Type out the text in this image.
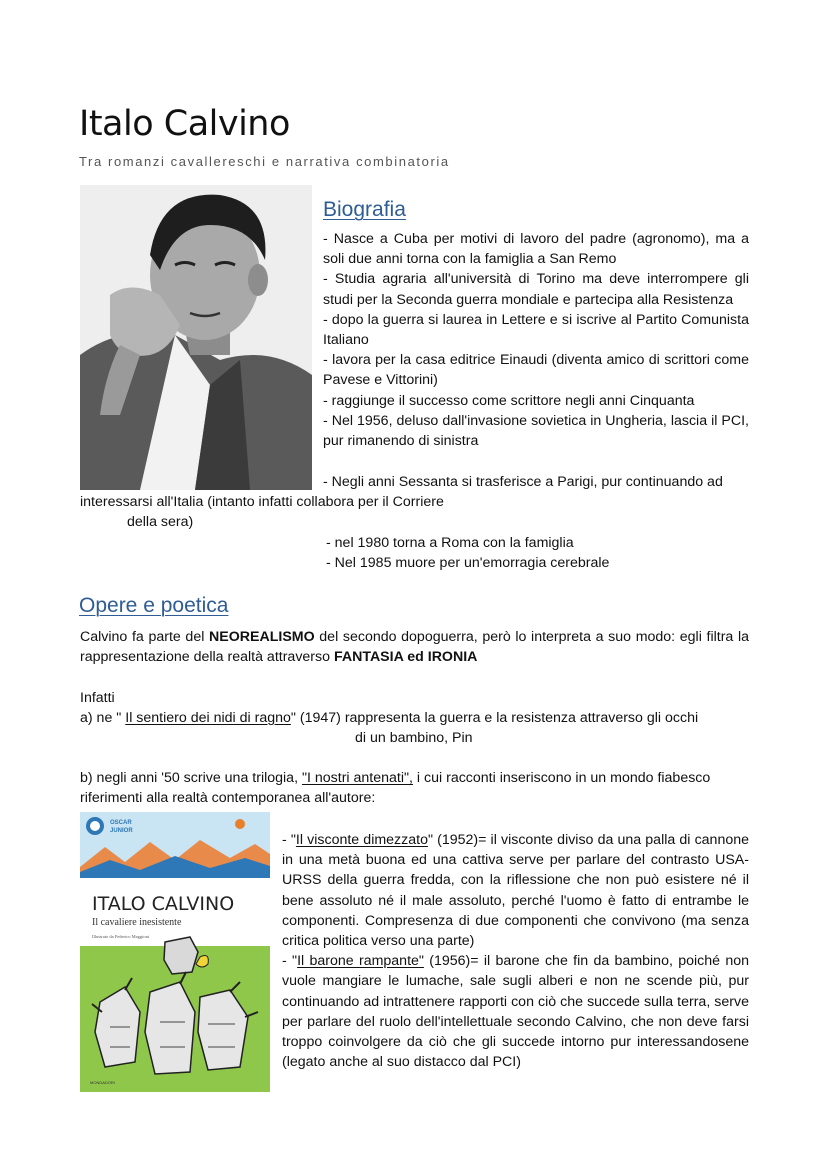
Italo Calvino
Tra romanzi cavallereschi e narrativa combinatoria
Biografia

- Nasce a Cuba per motivi di lavoro del padre (agronomo), ma a soli due anni torna con la famiglia a San Remo

- Studia agraria all'università di Torino ma deve interrompere gli studi per la Seconda guerra mondiale e partecipa alla Resistenza

- dopo la guerra si laurea in Lettere e si iscrive al Partito Comunista Italiano

- lavora per la casa editrice Einaudi (diventa amico di scrittori come Pavese e Vittorini)

- raggiunge il successo come scrittore negli anni Cinquanta

- Nel 1956, deluso dall'invasione sovietica in Ungheria, lascia il PCI, pur rimanendo di sinistra

- Negli anni Sessanta si trasferisce a Parigi, pur continuando ad
interessarsi all'Italia (intanto infatti collabora per il Corriere
della sera)
- nel 1980 torna a Roma con la famiglia
- Nel 1985 muore per un'emorragia cerebrale
Opere e poetica
Calvino fa parte del NEOREALISMO del secondo dopoguerra, però lo interpreta a suo modo: egli filtra la rappresentazione della realtà attraverso FANTASIA ed IRONIA
Infatti
a) ne " Il sentiero dei nidi di ragno" (1947) rappresenta la guerra e la resistenza attraverso gli occhi
di un bambino, Pin
b) negli anni '50 scrive una trilogia, "I nostri antenati", i cui racconti inseriscono in un mondo fiabesco
riferimenti alla realtà contemporanea all'autore:
OSCAR
JUNIOR
ITALO CALVINO
Il cavaliere inesistente
Illustrato da Federico Maggioni
MONDADORI

- "Il visconte dimezzato" (1952)= il visconte diviso da una palla di cannone in una metà buona ed una cattiva serve per parlare del contrasto USA-URSS della guerra fredda, con la riflessione che non può esistere né il bene assoluto né il male assoluto, perché l'uomo è fatto di entrambe le componenti. Compresenza di due componenti che convivono (ma senza critica politica verso una parte)

- "Il barone rampante" (1956)= il barone che fin da bambino, poiché non vuole mangiare le lumache, sale sugli alberi e non ne scende più, pur continuando ad intrattenere rapporti con ciò che succede sulla terra, serve per parlare del ruolo dell'intellettuale secondo Calvino, che non deve farsi troppo coinvolgere da ciò che gli succede intorno pur interessandosene (legato anche al suo distacco dal PCI)
